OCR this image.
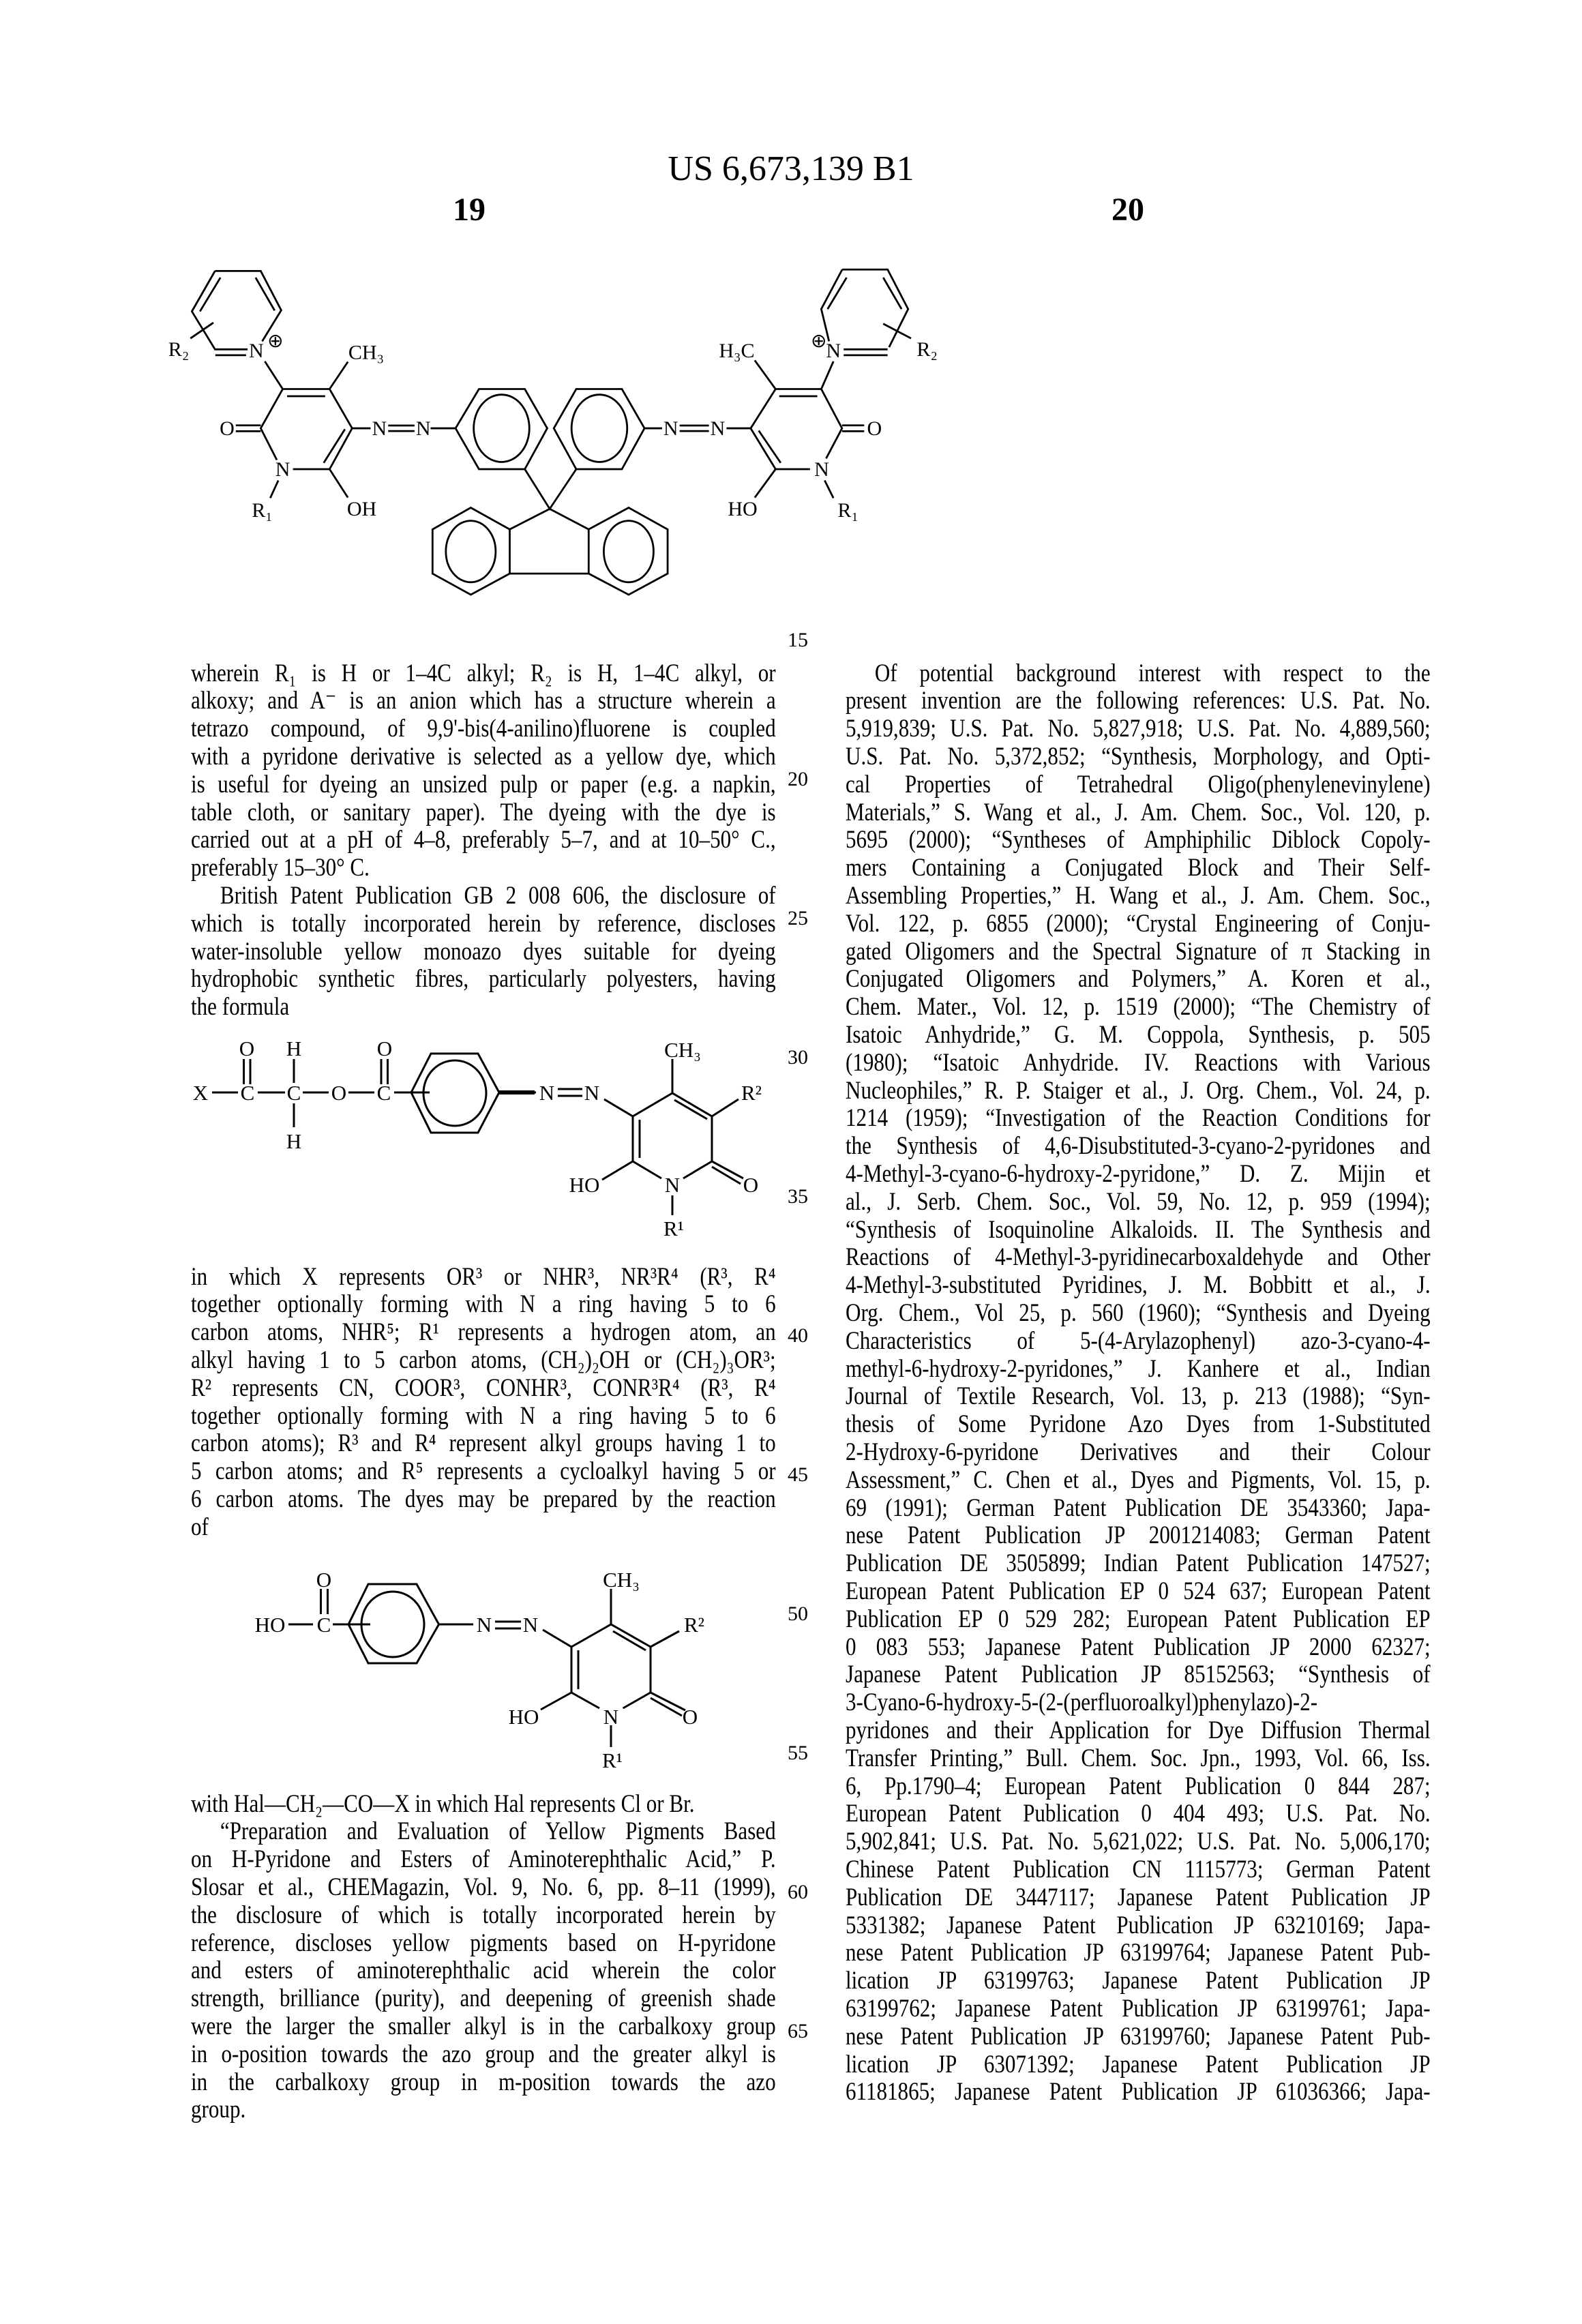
US 6,673,139 B1
19	20
15
20
25
30
35
40
45
50
55
60
65
wherein R₁ is H or 1–4C alkyl; R₂ is H, 1–4C alkyl, or
alkoxy; and A⁻ is an anion which has a structure wherein a
tetrazo compound, of 9,9'-bis(4-anilino)fluorene is coupled
with a pyridone derivative is selected as a yellow dye, which
is useful for dyeing an unsized pulp or paper (e.g. a napkin,
table cloth, or sanitary paper). The dyeing with the dye is
carried out at a pH of 4–8, preferably 5–7, and at 10–50° C.,
preferably 15–30° C.
British Patent Publication GB 2 008 606, the disclosure of
which is totally incorporated herein by reference, discloses
water-insoluble yellow monoazo dyes suitable for dyeing
hydrophobic synthetic fibres, particularly polyesters, having
the formula
in which X represents OR³ or NHR³, NR³R⁴ (R³, R⁴
together optionally forming with N a ring having 5 to 6
carbon atoms, NHR⁵; R¹ represents a hydrogen atom, an
alkyl having 1 to 5 carbon atoms, (CH₂)₂OH or (CH₂)₃OR³;
R² represents CN, COOR³, CONHR³, CONR³R⁴ (R³, R⁴
together optionally forming with N a ring having 5 to 6
carbon atoms); R³ and R⁴ represent alkyl groups having 1 to
5 carbon atoms; and R⁵ represents a cycloalkyl having 5 or
6 carbon atoms. The dyes may be prepared by the reaction
of
with Hal—CH₂—CO—X in which Hal represents Cl or Br.
“Preparation and Evaluation of Yellow Pigments Based
on H-Pyridone and Esters of Aminoterephthalic Acid,” P.
Slosar et al., CHEMagazin, Vol. 9, No. 6, pp. 8–11 (1999),
the disclosure of which is totally incorporated herein by
reference, discloses yellow pigments based on H-pyridone
and esters of aminoterephthalic acid wherein the color
strength, brilliance (purity), and deepening of greenish shade
were the larger the smaller alkyl is in the carbalkoxy group
in o-position towards the azo group and the greater alkyl is
in the carbalkoxy group in m-position towards the azo
group.
Of potential background interest with respect to the
present invention are the following references: U.S. Pat. No.
5,919,839; U.S. Pat. No. 5,827,918; U.S. Pat. No. 4,889,560;
U.S. Pat. No. 5,372,852; “Synthesis, Morphology, and Opti-
cal Properties of Tetrahedral Oligo(phenylenevinylene)
Materials,” S. Wang et al., J. Am. Chem. Soc., Vol. 120, p.
5695 (2000); “Syntheses of Amphiphilic Diblock Copoly-
mers Containing a Conjugated Block and Their Self-
Assembling Properties,” H. Wang et al., J. Am. Chem. Soc.,
Vol. 122, p. 6855 (2000); “Crystal Engineering of Conju-
gated Oligomers and the Spectral Signature of π Stacking in
Conjugated Oligomers and Polymers,” A. Koren et al.,
Chem. Mater., Vol. 12, p. 1519 (2000); “The Chemistry of
Isatoic Anhydride,” G. M. Coppola, Synthesis, p. 505
(1980); “Isatoic Anhydride. IV. Reactions with Various
Nucleophiles,” R. P. Staiger et al., J. Org. Chem., Vol. 24, p.
1214 (1959); “Investigation of the Reaction Conditions for
the Synthesis of 4,6-Disubstituted-3-cyano-2-pyridones and
4-Methyl-3-cyano-6-hydroxy-2-pyridone,” D. Z. Mijin et
al., J. Serb. Chem. Soc., Vol. 59, No. 12, p. 959 (1994);
“Synthesis of Isoquinoline Alkaloids. II. The Synthesis and
Reactions of 4-Methyl-3-pyridinecarboxaldehyde and Other
4-Methyl-3-substituted Pyridines, J. M. Bobbitt et al., J.
Org. Chem., Vol 25, p. 560 (1960); “Synthesis and Dyeing
Characteristics of 5-(4-Arylazophenyl) azo-3-cyano-4-
methyl-6-hydroxy-2-pyridones,” J. Kanhere et al., Indian
Journal of Textile Research, Vol. 13, p. 213 (1988); “Syn-
thesis of Some Pyridone Azo Dyes from 1-Substituted
2-Hydroxy-6-pyridone Derivatives and their Colour
Assessment,” C. Chen et al., Dyes and Pigments, Vol. 15, p.
69 (1991); German Patent Publication DE 3543360; Japa-
nese Patent Publication JP 2001214083; German Patent
Publication DE 3505899; Indian Patent Publication 147527;
European Patent Publication EP 0 524 637; European Patent
Publication EP 0 529 282; European Patent Publication EP
0 083 553; Japanese Patent Publication JP 2000 62327;
Japanese Patent Publication JP 85152563; “Synthesis of
3-Cyano-6-hydroxy-5-(2-(perfluoroalkyl)phenylazo)-2-
pyridones and their Application for Dye Diffusion Thermal
Transfer Printing,” Bull. Chem. Soc. Jpn., 1993, Vol. 66, Iss.
6, Pp.1790–4; European Patent Publication 0 844 287;
European Patent Publication 0 404 493; U.S. Pat. No.
5,902,841; U.S. Pat. No. 5,621,022; U.S. Pat. No. 5,006,170;
Chinese Patent Publication CN 1115773; German Patent
Publication DE 3447117; Japanese Patent Publication JP
5331382; Japanese Patent Publication JP 63210169; Japa-
nese Patent Publication JP 63199764; Japanese Patent Pub-
lication JP 63199763; Japanese Patent Publication JP
63199762; Japanese Patent Publication JP 63199761; Japa-
nese Patent Publication JP 63199760; Japanese Patent Pub-
lication JP 63071392; Japanese Patent Publication JP
61181865; Japanese Patent Publication JP 61036366; Japa-
R₂	N ⊕	CH₃
O
N
R₁	OH
N	N	N	N
H₃C	N
⊕	R₂
O
N
HO	R₁
X C C O C
O H	O
H
N N
CH₃
R²
HO	N	O
R¹
HO C
O
N N
CH₃
R²
HO	N	O
R¹
